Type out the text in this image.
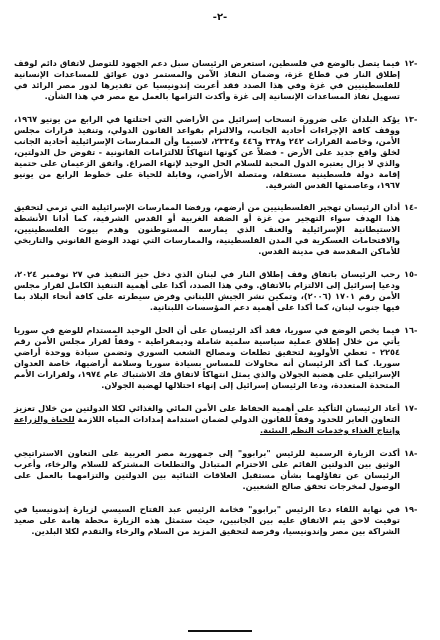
-٢-
١٢-
فيما يتصل بالوضع في فلسطين، استعرض الرئيسان سبل دعم الجهود للتوصل لاتفاق دائم لوقف إطلاق النار في قطاع غزة، وضمان النفاذ الآمن والمستمر دون عوائق للمساعدات الإنسانية للفلسطينيين في غزة وفي هذا الصدد فقد أعربت إندونيسيا عن تقديرها لدور مصر الرائد في تسهيل نفاذ المساعدات الإنسانية إلى غزة وأكدت التزامها بالعمل مع مصر في هذا الشأن.
١٣-
يؤكد البلدان على ضرورة انسحاب إسرائيل من الأراضي التي احتلتها في الرابع من يونيو ١٩٦٧، ووقف كافة الإجراءات أحادية الجانب، والالتزام بقواعد القانون الدولي، وتنفيذ قرارات مجلس الأمن، وخاصة القرارات ٢٤٢ و٣٣٨ و٤٤٦ و٢٣٣٤، لاسيما وأن الممارسات الإسرائيلية أحادية الجانب لخلق واقع جديد على الأرض - فضلاً عن كونها انتهاكاً للالتزامات القانونية - تقوض حل الدولتين، والذي لا يزال يعتبره الدول المحبة للسلام الحل الوحيد لإنهاء الصراع. واتفق الزعيمان على حتمية إقامة دولة فلسطينية مستقلة، ومتصلة الأراضي، وقابلة للحياة على خطوط الرابع من يونيو ١٩٦٧، وعاصمتها القدس الشرقية.
١٤-
أدان الرئيسان تهجير الفلسطينيين من أرضهم، ورفضا الممارسات الإسرائيلية التي ترمي لتحقيق هذا الهدف سواء التهجير من غزة أو الضفة الغربية أو القدس الشرقية، كما أدانا الأنشطة الاستيطانية الإسرائيلية والعنف الذي يمارسه المستوطنون وهدم بيوت الفلسطينيين، والاقتحامات العسكرية في المدن الفلسطينية، والممارسات التي تهدد الوضع القانوني والتاريخي للأماكن المقدسة في مدينة القدس.
١٥-
رحب الرئيسان باتفاق وقف إطلاق النار في لبنان الذي دخل حيز التنفيذ في ٢٧ نوفمبر ٢٠٢٤، ودعيا إسرائيل إلى الالتزام بالاتفاق. وفي هذا الصدد، أكدا على أهمية التنفيذ الكامل لقرار مجلس الأمن رقم ١٧٠١ (٢٠٠٦)، وتمكين نشر الجيش اللبناني وفرض سيطرته على كافة أنحاء البلاد بما فيها جنوب لبنان، كما أكدا على أهمية دعم المؤسسات اللبنانية.
١٦-
فيما يخص الوضع في سوريا، فقد أكد الرئيسان على أن الحل الوحيد المستدام للوضع في سوريا يأتي من خلال إطلاق عملية سياسية سلمية شاملة وديمقراطية - وفقاً لقرار مجلس الأمن رقم ٢٢٥٤ - تعطي الأولوية لتحقيق تطلعات ومصالح الشعب السوري وتضمن سيادة ووحدة أراضي سوريا. كما أكد الرئيسان أنه محاولات للمساس بسيادة سوريا وسلامة أراضيها، خاصة العدوان الإسرائيلي على هضبة الجولان والذي يمثل انتهاكاً لاتفاق فك الاشتباك عام ١٩٧٤، ولقرارات الأمم المتحدة المتعددة، ودعا الرئيسان إسرائيل إلى إنهاء احتلالها لهضبة الجولان.
١٧-
أعاد الرئيسان التأكيد على أهمية الحفاظ على الأمن المائي والغذائي لكلا الدولتين من خلال تعزيز التعاون العابر للحدود وفقاً للقانون الدولي لضمان استدامة إمدادات المياه اللازمة للحياة والزراعة وإنتاج الغذاء وخدمات النظم البيئية.
١٨-
أكدت الزيارة الرسمية للرئيس "برابوو" إلى جمهورية مصر العربية على التعاون الاستراتيجي الوثيق بين الدولتين القائم على الاحترام المتبادل والتطلعات المشتركة للسلام والرخاء، وأعرب الرئيسان عن تفاؤلهما بشأن مستقبل العلاقات الثنائية بين الدولتين والتزامهما بالعمل على الوصول لمخرجات تحقق صالح الشعبين.
١٩-
في نهاية اللقاء دعا الرئيس "برابوو" فخامة الرئيس عبد الفتاح السيسي لزيارة إندونيسيا في توقيت لاحق يتم الاتفاق عليه بين الجانبين، حيث ستمثل هذه الزيارة محطة هامة على صعيد الشراكة بين مصر وإندونيسيا، وفرصة لتحقيق المزيد من السلام والرخاء والتقدم لكلا البلدين.
